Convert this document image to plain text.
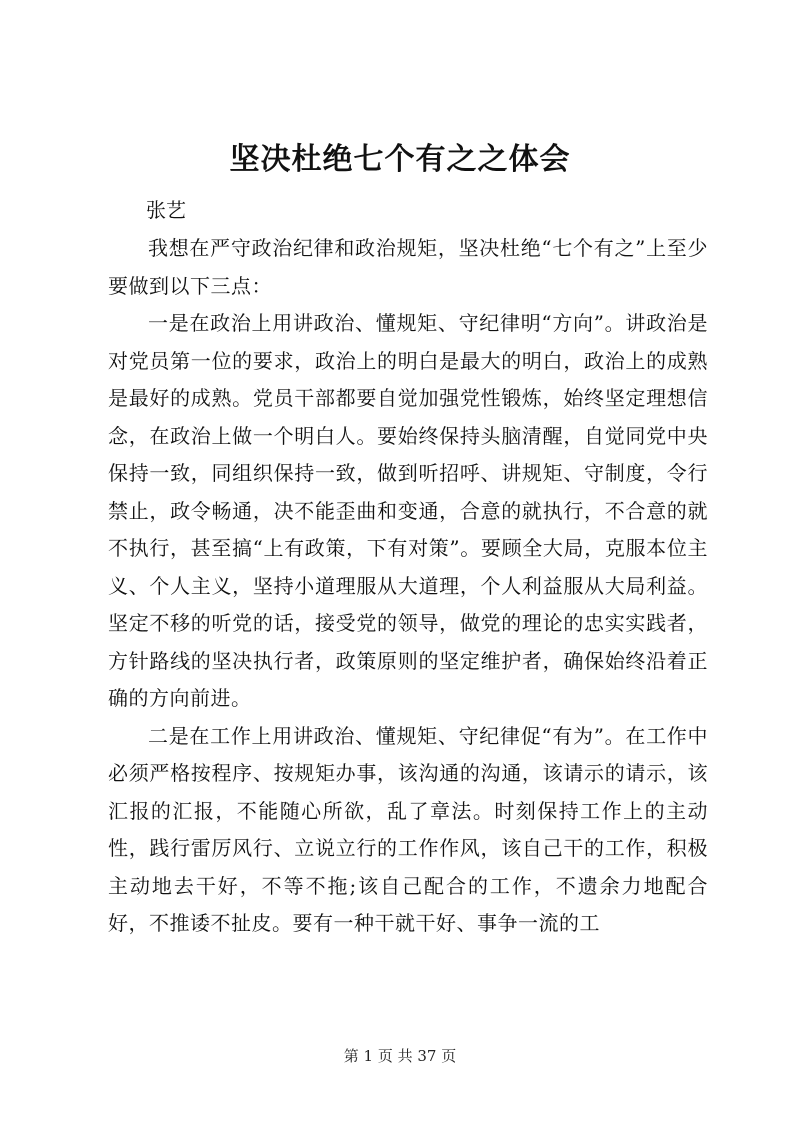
坚决杜绝七个有之之体会
张艺

我想在严守政治纪律和政治规矩，坚决杜绝“七个有之”上至少要做到以下三点：

一是在政治上用讲政治、懂规矩、守纪律明“方向”。讲政治是对党员第一位的要求，政治上的明白是最大的明白，政治上的成熟是最好的成熟。党员干部都要自觉加强党性锻炼，始终坚定理想信念，在政治上做一个明白人。要始终保持头脑清醒，自觉同党中央保持一致，同组织保持一致，做到听招呼、讲规矩、守制度，令行禁止，政令畅通，决不能歪曲和变通，合意的就执行，不合意的就不执行，甚至搞“上有政策，下有对策”。要顾全大局，克服本位主义、个人主义，坚持小道理服从大道理，个人利益服从大局利益。坚定不移的听党的话，接受党的领导，做党的理论的忠实实践者，方针路线的坚决执行者，政策原则的坚定维护者，确保始终沿着正确的方向前进。

二是在工作上用讲政治、懂规矩、守纪律促“有为”。在工作中必须严格按程序、按规矩办事，该沟通的沟通，该请示的请示，该汇报的汇报，不能随心所欲，乱了章法。时刻保持工作上的主动性，践行雷厉风行、立说立行的工作作风，该自己干的工作，积极主动地去干好，不等不拖;该自己配合的工作，不遗余力地配合好，不推诿不扯皮。要有一种干就干好、事争一流的工

第 1 页 共 37 页
